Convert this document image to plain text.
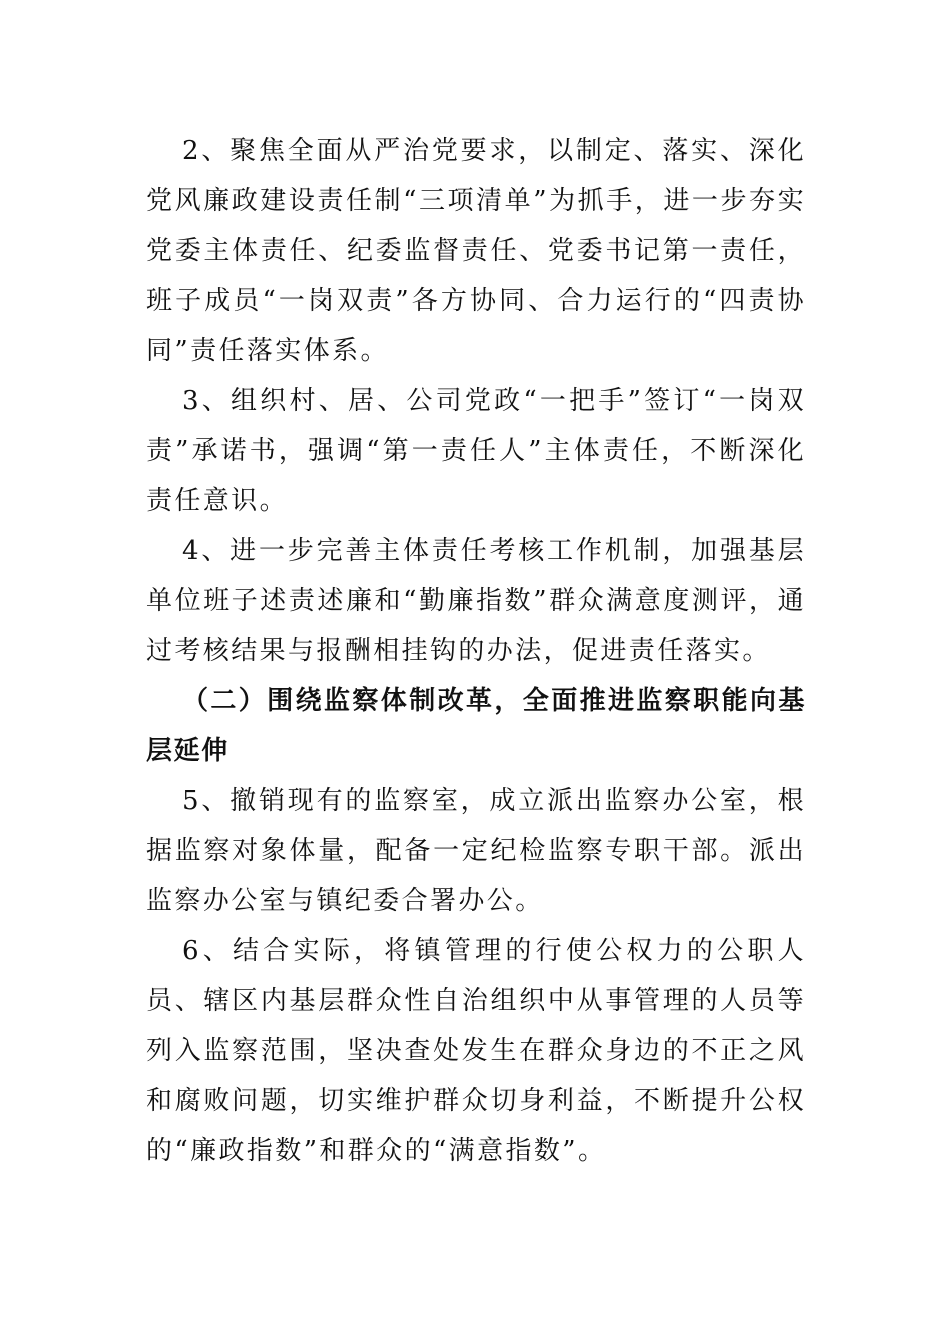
2、聚焦全面从严治党要求，以制定、落实、深化党风廉政建设责任制“三项清单”为抓手，进一步夯实党委主体责任、纪委监督责任、党委书记第一责任，班子成员“一岗双责”各方协同、合力运行的“四责协同”责任落实体系。

3、组织村、居、公司党政“一把手”签订“一岗双责”承诺书，强调“第一责任人”主体责任，不断深化责任意识。

4、进一步完善主体责任考核工作机制，加强基层单位班子述责述廉和“勤廉指数”群众满意度测评，通过考核结果与报酬相挂钩的办法，促进责任落实。

（二）围绕监察体制改革，全面推进监察职能向基层延伸

5、撤销现有的监察室，成立派出监察办公室，根据监察对象体量，配备一定纪检监察专职干部。派出监察办公室与镇纪委合署办公。

6、结合实际，将镇管理的行使公权力的公职人员、辖区内基层群众性自治组织中从事管理的人员等列入监察范围，坚决查处发生在群众身边的不正之风和腐败问题，切实维护群众切身利益，不断提升公权的“廉政指数”和群众的“满意指数”。
